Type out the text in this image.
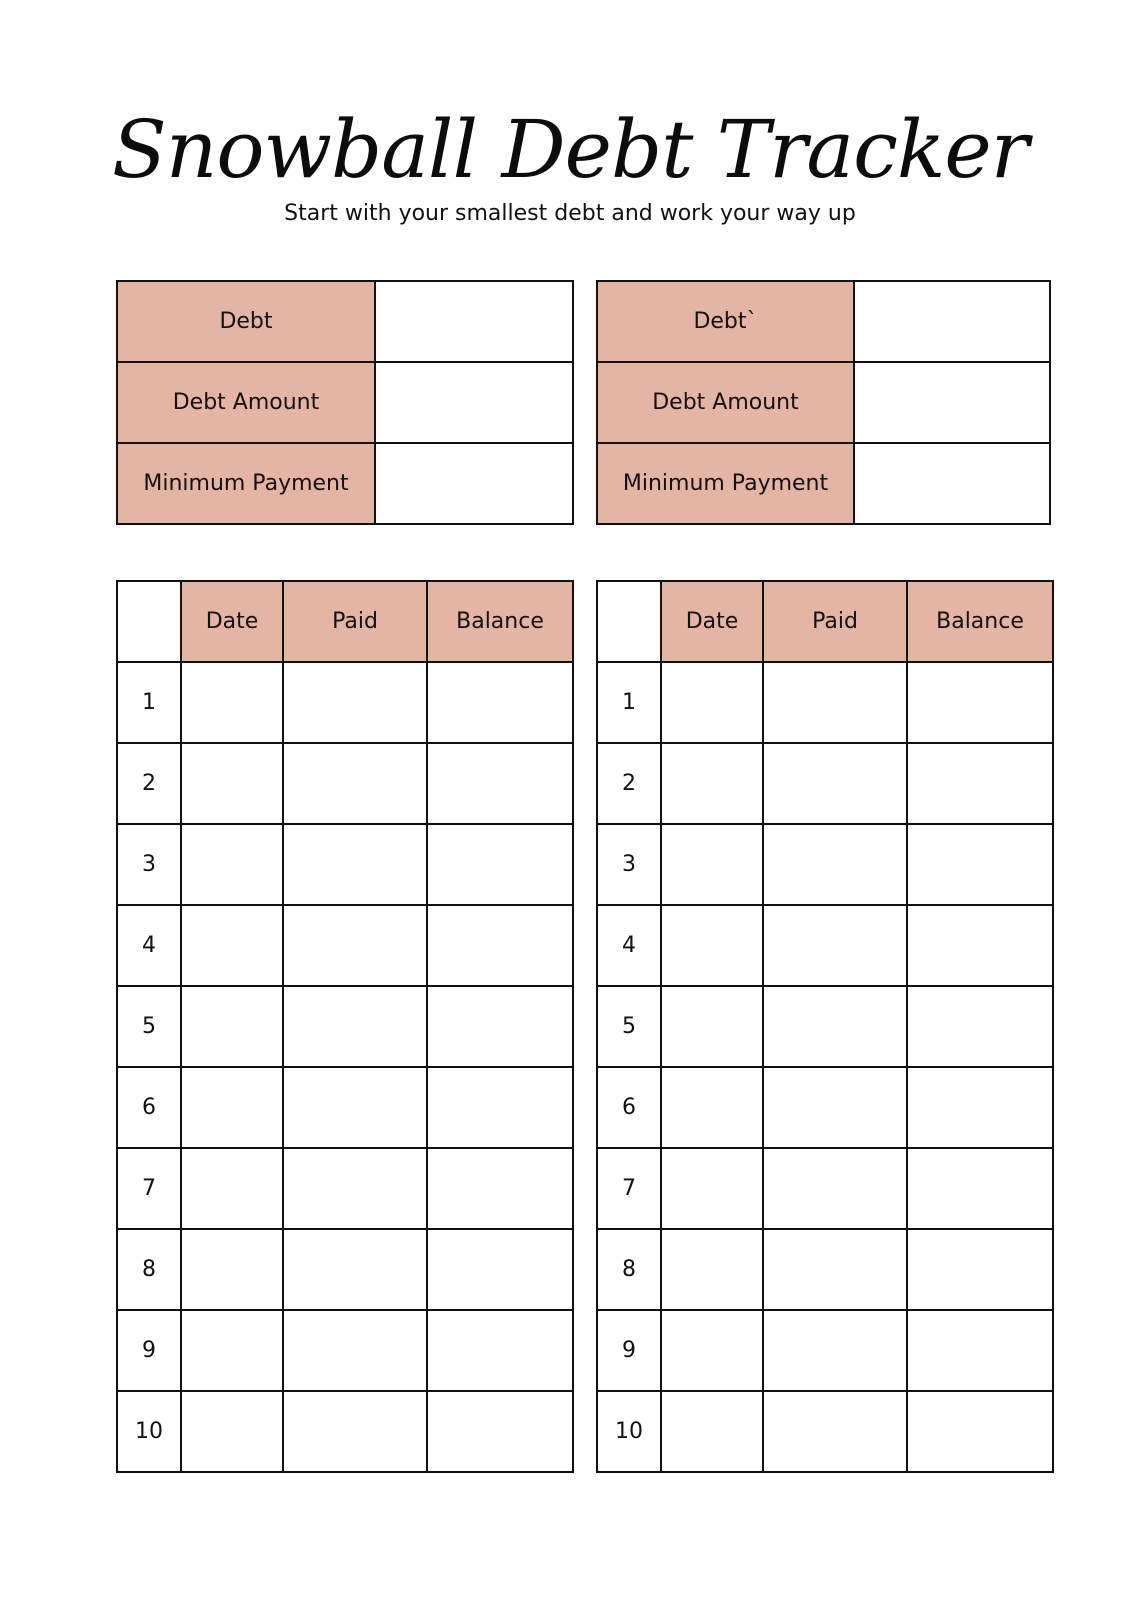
Snowball Debt Tracker
Start with your smallest debt and work your way up
Debt	
Debt Amount	
Minimum Payment	
Debt`	
Debt Amount	
Minimum Payment	
	Date	Paid	Balance
1			
2			
3			
4			
5			
6			
7			
8			
9			
10			
	Date	Paid	Balance
1			
2			
3			
4			
5			
6			
7			
8			
9			
10			
